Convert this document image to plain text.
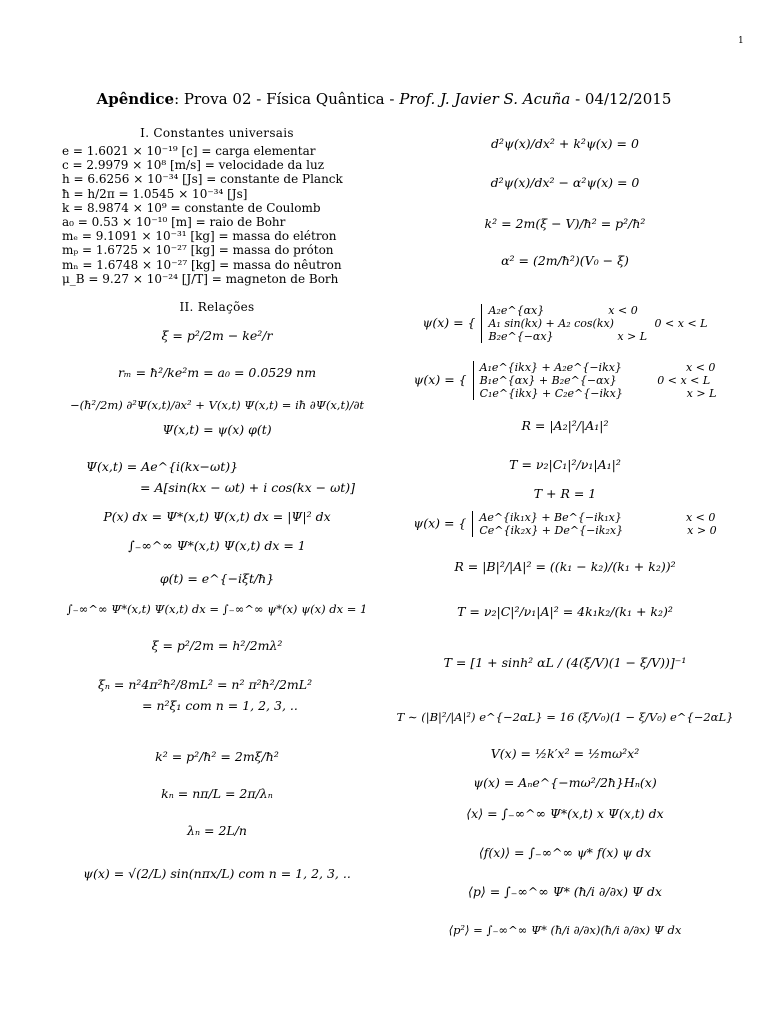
1
Apêndice: Prova 02 - Física Quântica - Prof. J. Javier S. Acuña - 04/12/2015
I. Constantes universais
e = 1.6021 × 10⁻¹⁹ [c] = carga elementar
c = 2.9979 × 10⁸ [m/s] = velocidade da luz
h = 6.6256 × 10⁻³⁴ [Js] = constante de Planck
ħ = h/2π = 1.0545 × 10⁻³⁴ [Js]
k = 8.9874 × 10⁹ = constante de Coulomb
a₀ = 0.53 × 10⁻¹⁰ [m] = raio de Bohr
mₑ = 9.1091 × 10⁻³¹ [kg] = massa do elétron
mₚ = 1.6725 × 10⁻²⁷ [kg] = massa do próton
mₙ = 1.6748 × 10⁻²⁷ [kg] = massa do nêutron
μ_B = 9.27 × 10⁻²⁴ [J/T] = magneton de Borh
II. Relações
ξ = p²/2m − ke²/r
rₘ = ħ²/ke²m = a₀ = 0.0529 nm
−(ħ²/2m) ∂²Ψ(x,t)/∂x² + V(x,t) Ψ(x,t) = iħ ∂Ψ(x,t)/∂t
Ψ(x,t) = ψ(x) φ(t)
Ψ(x,t) = Ae^{i(kx−ωt)}
= A[sin(kx − ωt) + i cos(kx − ωt)]
P(x) dx = Ψ*(x,t) Ψ(x,t) dx = |Ψ|² dx
∫₋∞^∞ Ψ*(x,t) Ψ(x,t) dx = 1
φ(t) = e^{−iξt/ħ}
∫₋∞^∞ Ψ*(x,t) Ψ(x,t) dx = ∫₋∞^∞ ψ*(x) ψ(x) dx = 1
ξ = p²/2m = h²/2mλ²
ξₙ = n²4π²ħ²/8mL² = n² π²ħ²/2mL²
= n²ξ₁ com n = 1, 2, 3, ..
k² = p²/ħ² = 2mξ/ħ²
kₙ = nπ/L = 2π/λₙ
λₙ = 2L/n
ψ(x) = √(2/L) sin(nπx/L) com n = 1, 2, 3, ..
d²ψ(x)/dx² + k²ψ(x) = 0
d²ψ(x)/dx² − α²ψ(x) = 0
k² = 2m(ξ − V)/ħ² = p²/ħ²
α² = (2m/ħ²)(V₀ − ξ)
ψ(x) = { A₂e^{αx}	x < 0
A₁ sin(kx) + A₂ cos(kx)	0 < x < L
B₂e^{−αx}	x > L
ψ(x) = { A₁e^{ikx} + A₂e^{−ikx}	x < 0
B₁e^{αx} + B₂e^{−αx}	0 < x < L
C₁e^{ikx} + C₂e^{−ikx}	x > L
R = |A₂|²/|A₁|²
T = ν₂|C₁|²/ν₁|A₁|²
T + R = 1
ψ(x) = { Ae^{ik₁x} + Be^{−ik₁x}	x < 0
Ce^{ik₂x} + De^{−ik₂x}	x > 0
R = |B|²/|A|² = ((k₁ − k₂)/(k₁ + k₂))²
T = ν₂|C|²/ν₁|A|² = 4k₁k₂/(k₁ + k₂)²
T = [1 + sinh² αL / (4(ξ/V)(1 − ξ/V))]⁻¹
T ∼ (|B|²/|A|²) e^{−2αL} = 16 (ξ/V₀)(1 − ξ/V₀) e^{−2αL}
V(x) = ½k′x² = ½mω²x²
ψ(x) = Aₙe^{−mω²/2ħ}Hₙ(x)
⟨x⟩ = ∫₋∞^∞ Ψ*(x,t) x Ψ(x,t) dx
⟨f(x)⟩ = ∫₋∞^∞ ψ* f(x) ψ dx
⟨p⟩ = ∫₋∞^∞ Ψ* (ħ/i ∂/∂x) Ψ dx
⟨p²⟩ = ∫₋∞^∞ Ψ* (ħ/i ∂/∂x)(ħ/i ∂/∂x) Ψ dx
